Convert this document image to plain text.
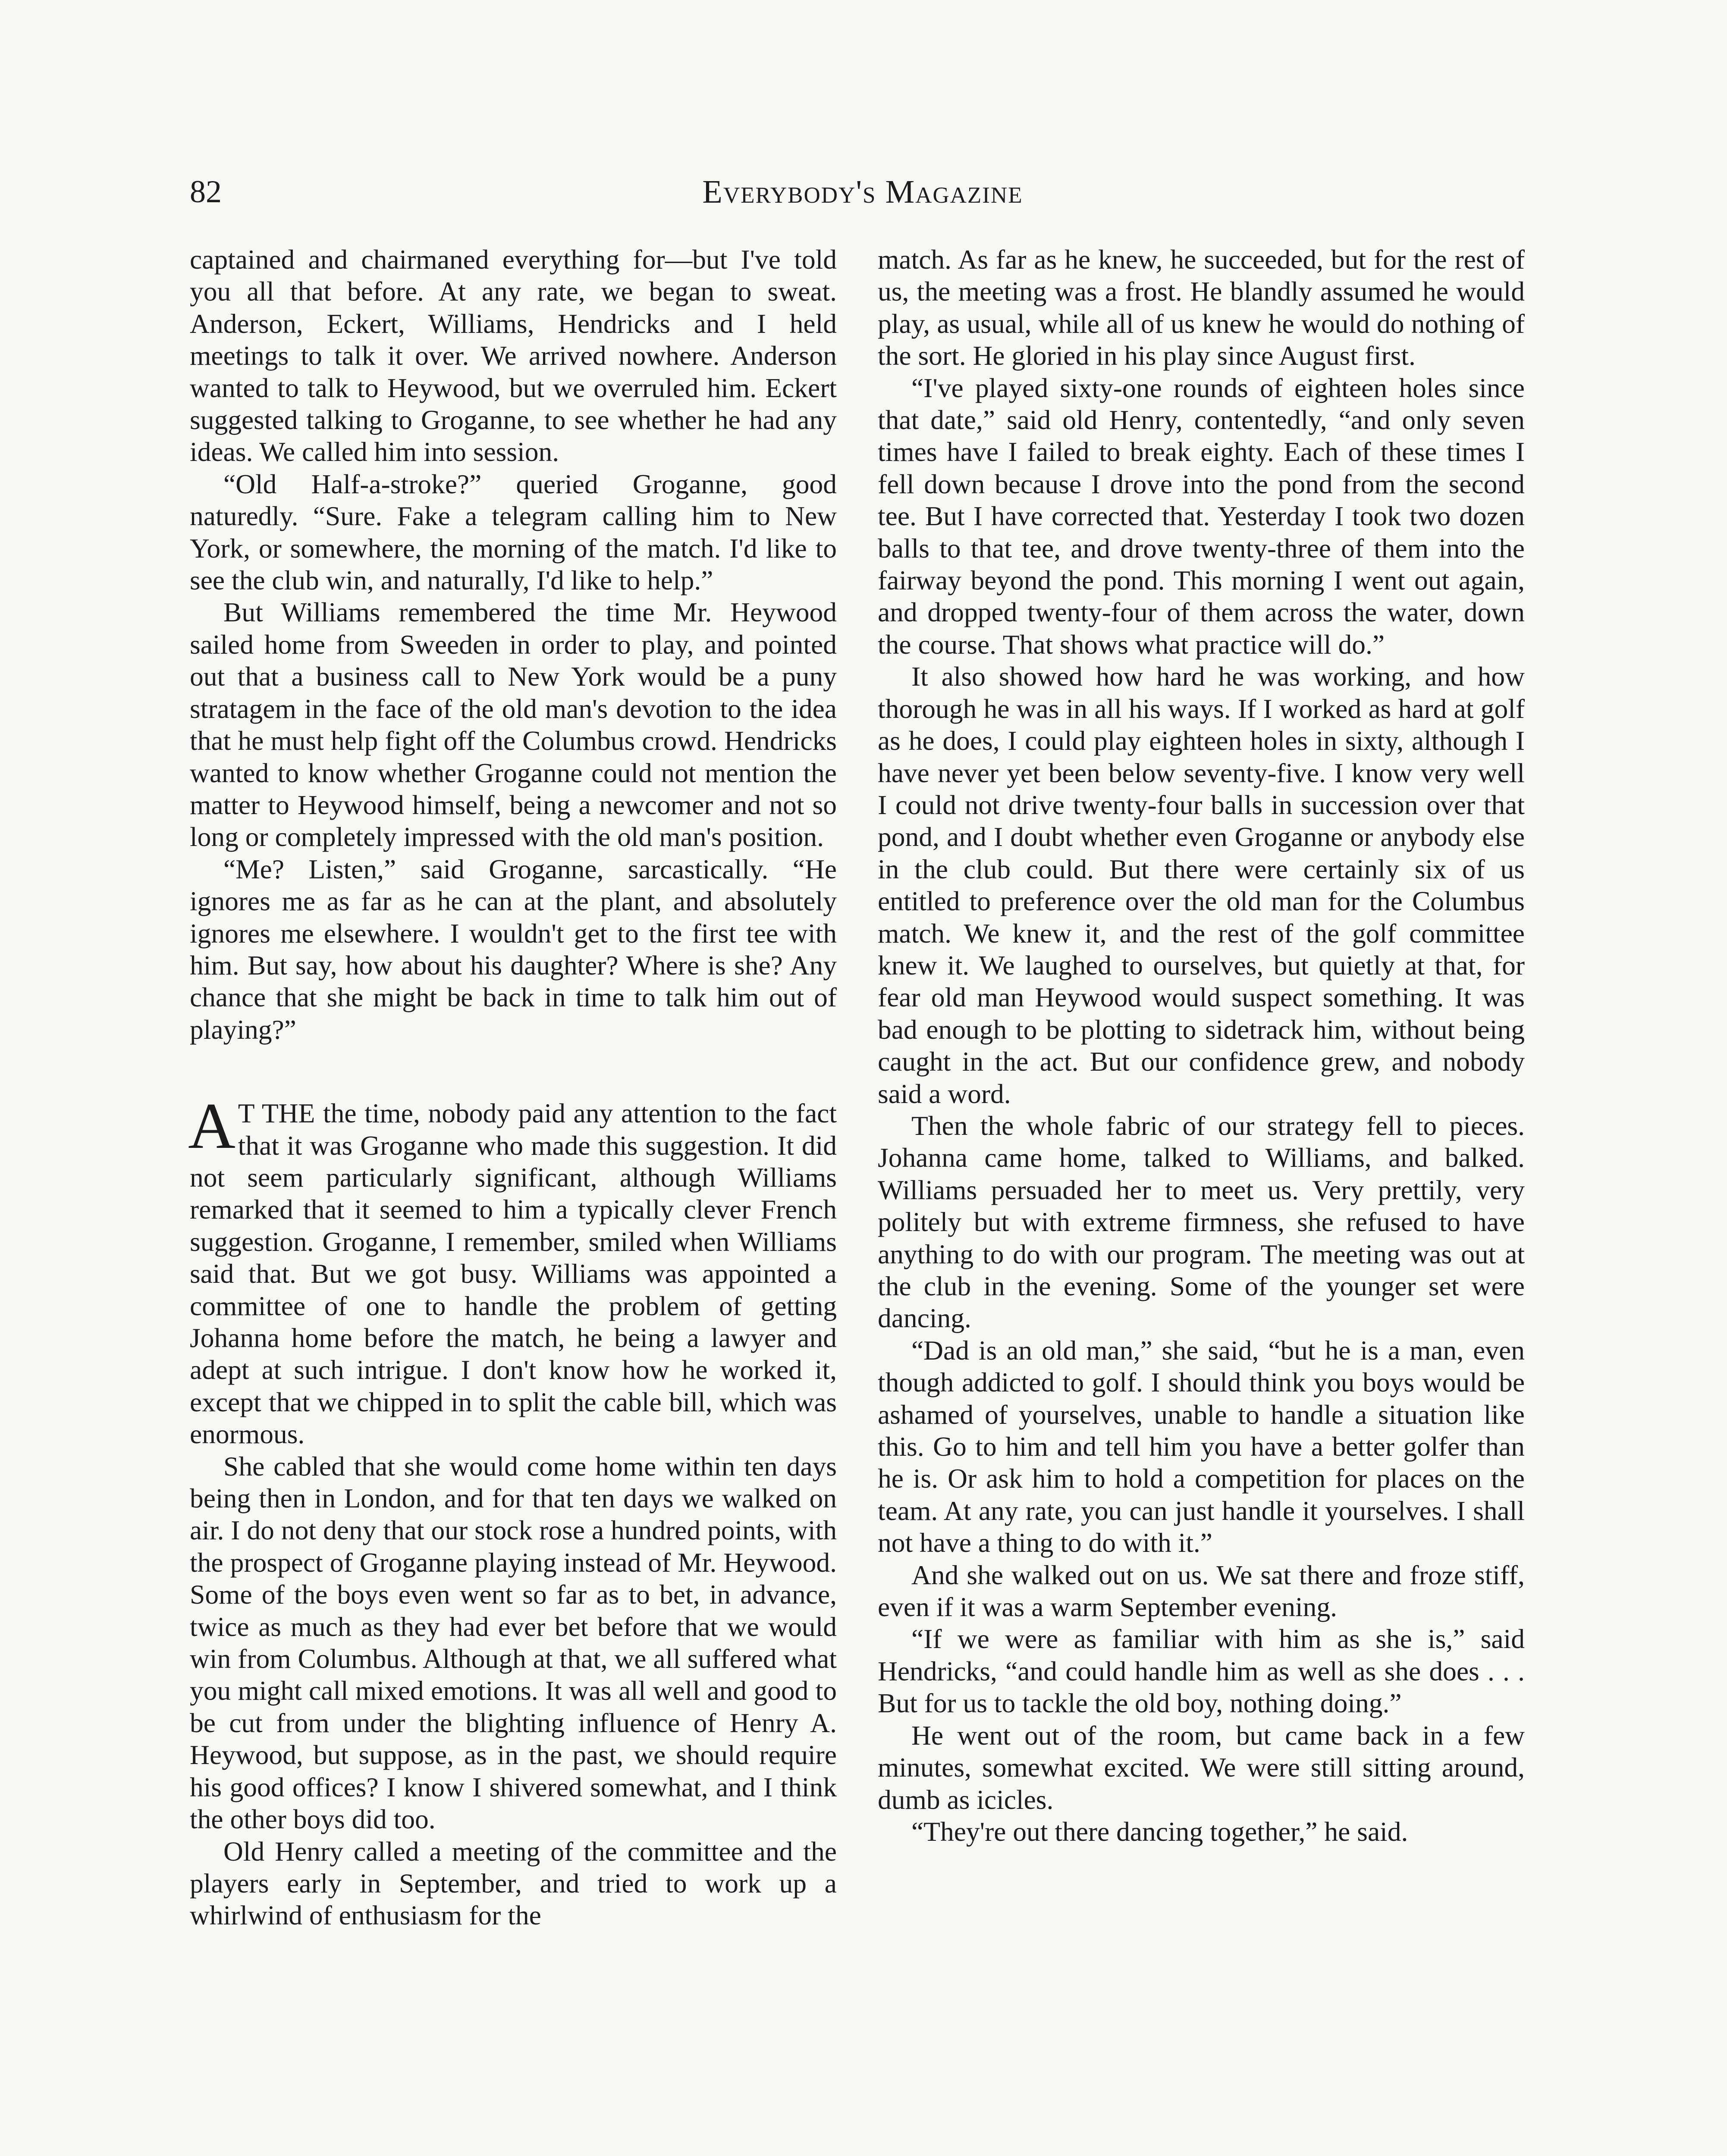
82	Everybody's Magazine

captained and chairmaned everything for—but I've told you all that before. At any rate, we began to sweat. Anderson, Eckert, Williams, Hendricks and I held meetings to talk it over. We arrived nowhere. Anderson wanted to talk to Heywood, but we overruled him. Eckert suggested talking to Groganne, to see whether he had any ideas. We called him into session.

“Old Half-a-stroke?” queried Groganne, good naturedly. “Sure. Fake a telegram calling him to New York, or somewhere, the morning of the match. I'd like to see the club win, and naturally, I'd like to help.”

But Williams remembered the time Mr. Heywood sailed home from Sweeden in order to play, and pointed out that a business call to New York would be a puny stratagem in the face of the old man's devotion to the idea that he must help fight off the Columbus crowd. Hendricks wanted to know whether Groganne could not mention the matter to Heywood himself, being a newcomer and not so long or completely impressed with the old man's position.

“Me? Listen,” said Groganne, sarcastically. “He ignores me as far as he can at the plant, and absolutely ignores me elsewhere. I wouldn't get to the first tee with him. But say, how about his daughter? Where is she? Any chance that she might be back in time to talk him out of playing?”

AT THE the time, nobody paid any attention to the fact that it was Groganne who made this suggestion. It did not seem particularly significant, although Williams remarked that it seemed to him a typically clever French suggestion. Groganne, I remember, smiled when Williams said that. But we got busy. Williams was appointed a committee of one to handle the problem of getting Johanna home before the match, he being a lawyer and adept at such intrigue. I don't know how he worked it, except that we chipped in to split the cable bill, which was enormous.

She cabled that she would come home within ten days being then in London, and for that ten days we walked on air. I do not deny that our stock rose a hundred points, with the prospect of Groganne playing instead of Mr. Heywood. Some of the boys even went so far as to bet, in advance, twice as much as they had ever bet before that we would win from Columbus. Although at that, we all suffered what you might call mixed emotions. It was all well and good to be cut from under the blighting influence of Henry A. Heywood, but suppose, as in the past, we should require his good offices? I know I shivered somewhat, and I think the other boys did too.

Old Henry called a meeting of the committee and the players early in September, and tried to work up a whirlwind of enthusiasm for the

match. As far as he knew, he succeeded, but for the rest of us, the meeting was a frost. He blandly assumed he would play, as usual, while all of us knew he would do nothing of the sort. He gloried in his play since August first.

“I've played sixty-one rounds of eighteen holes since that date,” said old Henry, contentedly, “and only seven times have I failed to break eighty. Each of these times I fell down because I drove into the pond from the second tee. But I have corrected that. Yesterday I took two dozen balls to that tee, and drove twenty-three of them into the fairway beyond the pond. This morning I went out again, and dropped twenty-four of them across the water, down the course. That shows what practice will do.”

It also showed how hard he was working, and how thorough he was in all his ways. If I worked as hard at golf as he does, I could play eighteen holes in sixty, although I have never yet been below seventy-five. I know very well I could not drive twenty-four balls in succession over that pond, and I doubt whether even Groganne or anybody else in the club could. But there were certainly six of us entitled to preference over the old man for the Columbus match. We knew it, and the rest of the golf committee knew it. We laughed to ourselves, but quietly at that, for fear old man Heywood would suspect something. It was bad enough to be plotting to sidetrack him, without being caught in the act. But our confidence grew, and nobody said a word.

Then the whole fabric of our strategy fell to pieces. Johanna came home, talked to Williams, and balked. Williams persuaded her to meet us. Very prettily, very politely but with extreme firmness, she refused to have anything to do with our program. The meeting was out at the club in the evening. Some of the younger set were dancing.

“Dad is an old man,” she said, “but he is a man, even though addicted to golf. I should think you boys would be ashamed of yourselves, unable to handle a situation like this. Go to him and tell him you have a better golfer than he is. Or ask him to hold a competition for places on the team. At any rate, you can just handle it yourselves. I shall not have a thing to do with it.”

And she walked out on us. We sat there and froze stiff, even if it was a warm September evening.

“If we were as familiar with him as she is,” said Hendricks, “and could handle him as well as she does . . . But for us to tackle the old boy, nothing doing.”

He went out of the room, but came back in a few minutes, somewhat excited. We were still sitting around, dumb as icicles.

“They're out there dancing together,” he said.
